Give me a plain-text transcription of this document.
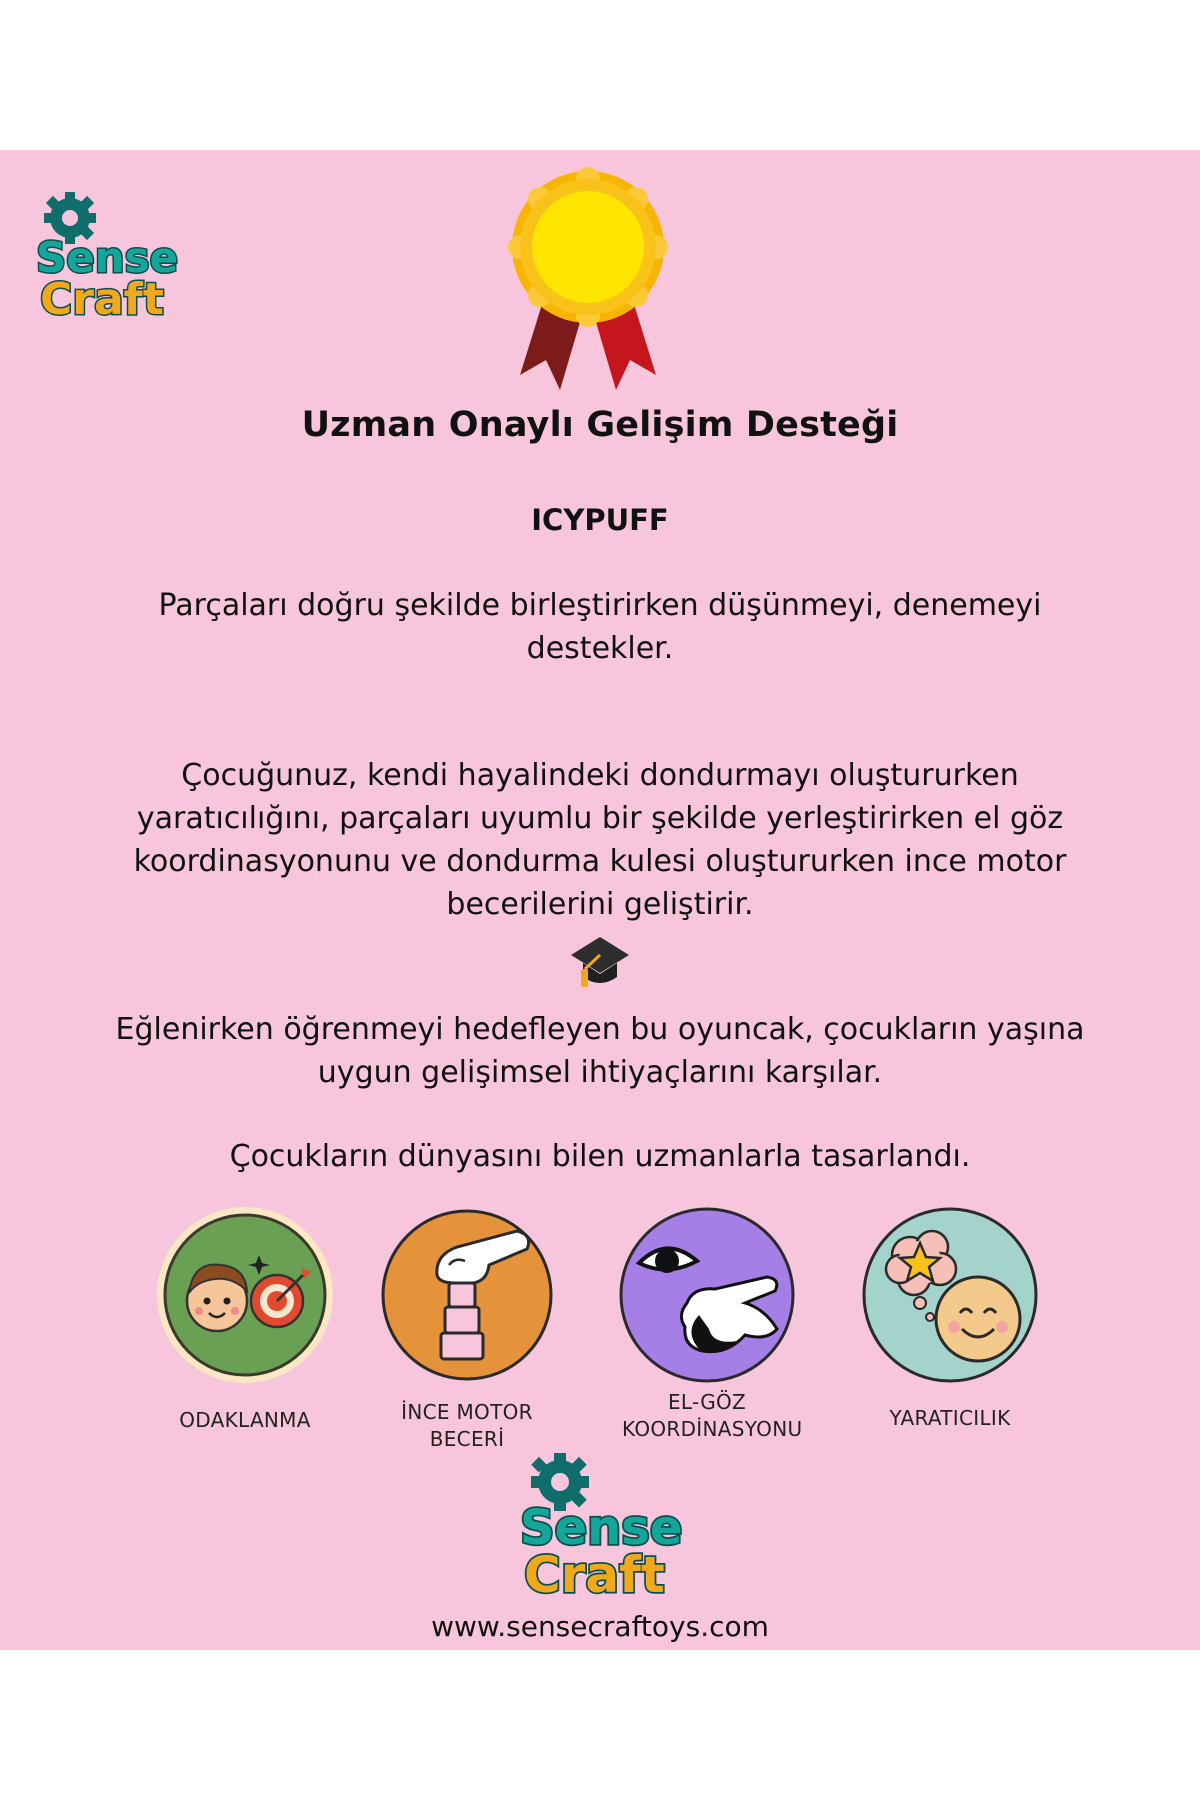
Sense
Craft
Uzman Onaylı Gelişim Desteği
ICYPUFF
Parçaları doğru şekilde birleştirirken düşünmeyi, denemeyi destekler.
Çocuğunuz, kendi hayalindeki dondurmayı oluştururken yaratıcılığını, parçaları uyumlu bir şekilde yerleştirirken el göz koordinasyonunu ve dondurma kulesi oluştururken ince motor becerilerini geliştirir.
Eğlenirken öğrenmeyi hedefleyen bu oyuncak, çocukların yaşına uygun gelişimsel ihtiyaçlarını karşılar.
Çocukların dünyasını bilen uzmanlarla tasarlandı.
ODAKLANMA	İNCE MOTOR BECERİ
EL-GÖZ KOORDİNASYONU	YARATICILIK
Sense
Craft
www.sensecraftoys.com
